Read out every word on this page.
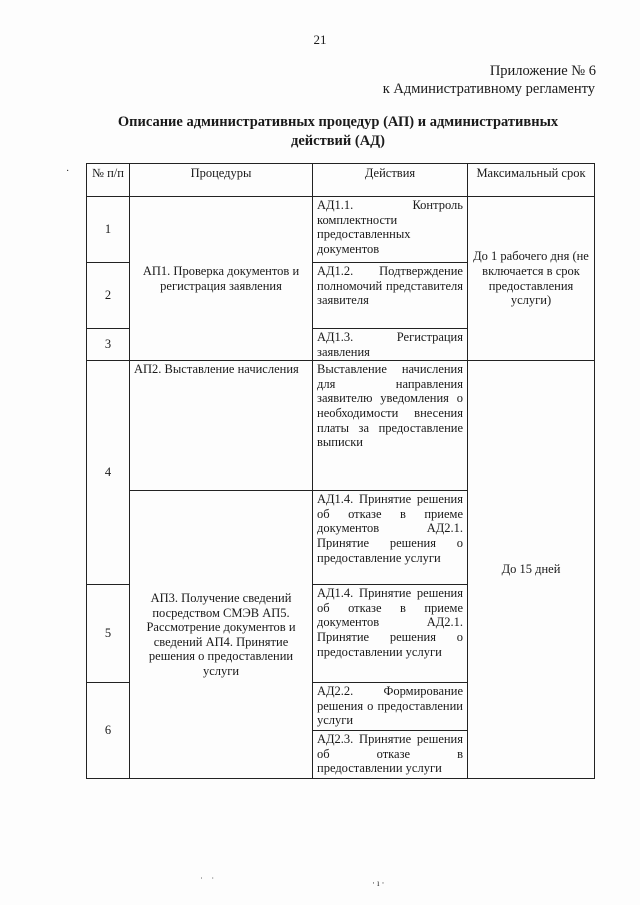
21
Приложение № 6
к Административному регламенту
Описание административных процедур (АП) и административных действий (АД)
· № п/п	Процедуры	Действия	Максимальный срок
1	АП1. Проверка документов и регистрация заявления	АД1.1. Контроль комплектности предоставленных документов	До 1 рабочего дня (не включается в срок предоставления услуги)
2		АД1.2. Подтверждение полномочий представителя заявителя	
3		АД1.3. Регистрация заявления	
4	АП2. Выставление начисления	Выставление начисления для направления заявителю уведомления о необходимости внесения платы за предоставление выписки	До 15 дней
	АП3. Получение сведений посредством СМЭВ АП5. Рассмотрение документов и сведений АП4. Принятие решения о предоставлении услуги	АД1.4. Принятие решения об отказе в приеме документов АД2.1. Принятие решения о предоставление услуги	
5		АД1.4. Принятие решения об отказе в приеме документов АД2.1. Принятие решения о предоставлении услуги	
6		АД2.2. Формирование решения о предоставлении услуги	
		АД2.3. Принятие решения об отказе в предоставлении услуги	
˙ ˙	·ı·
